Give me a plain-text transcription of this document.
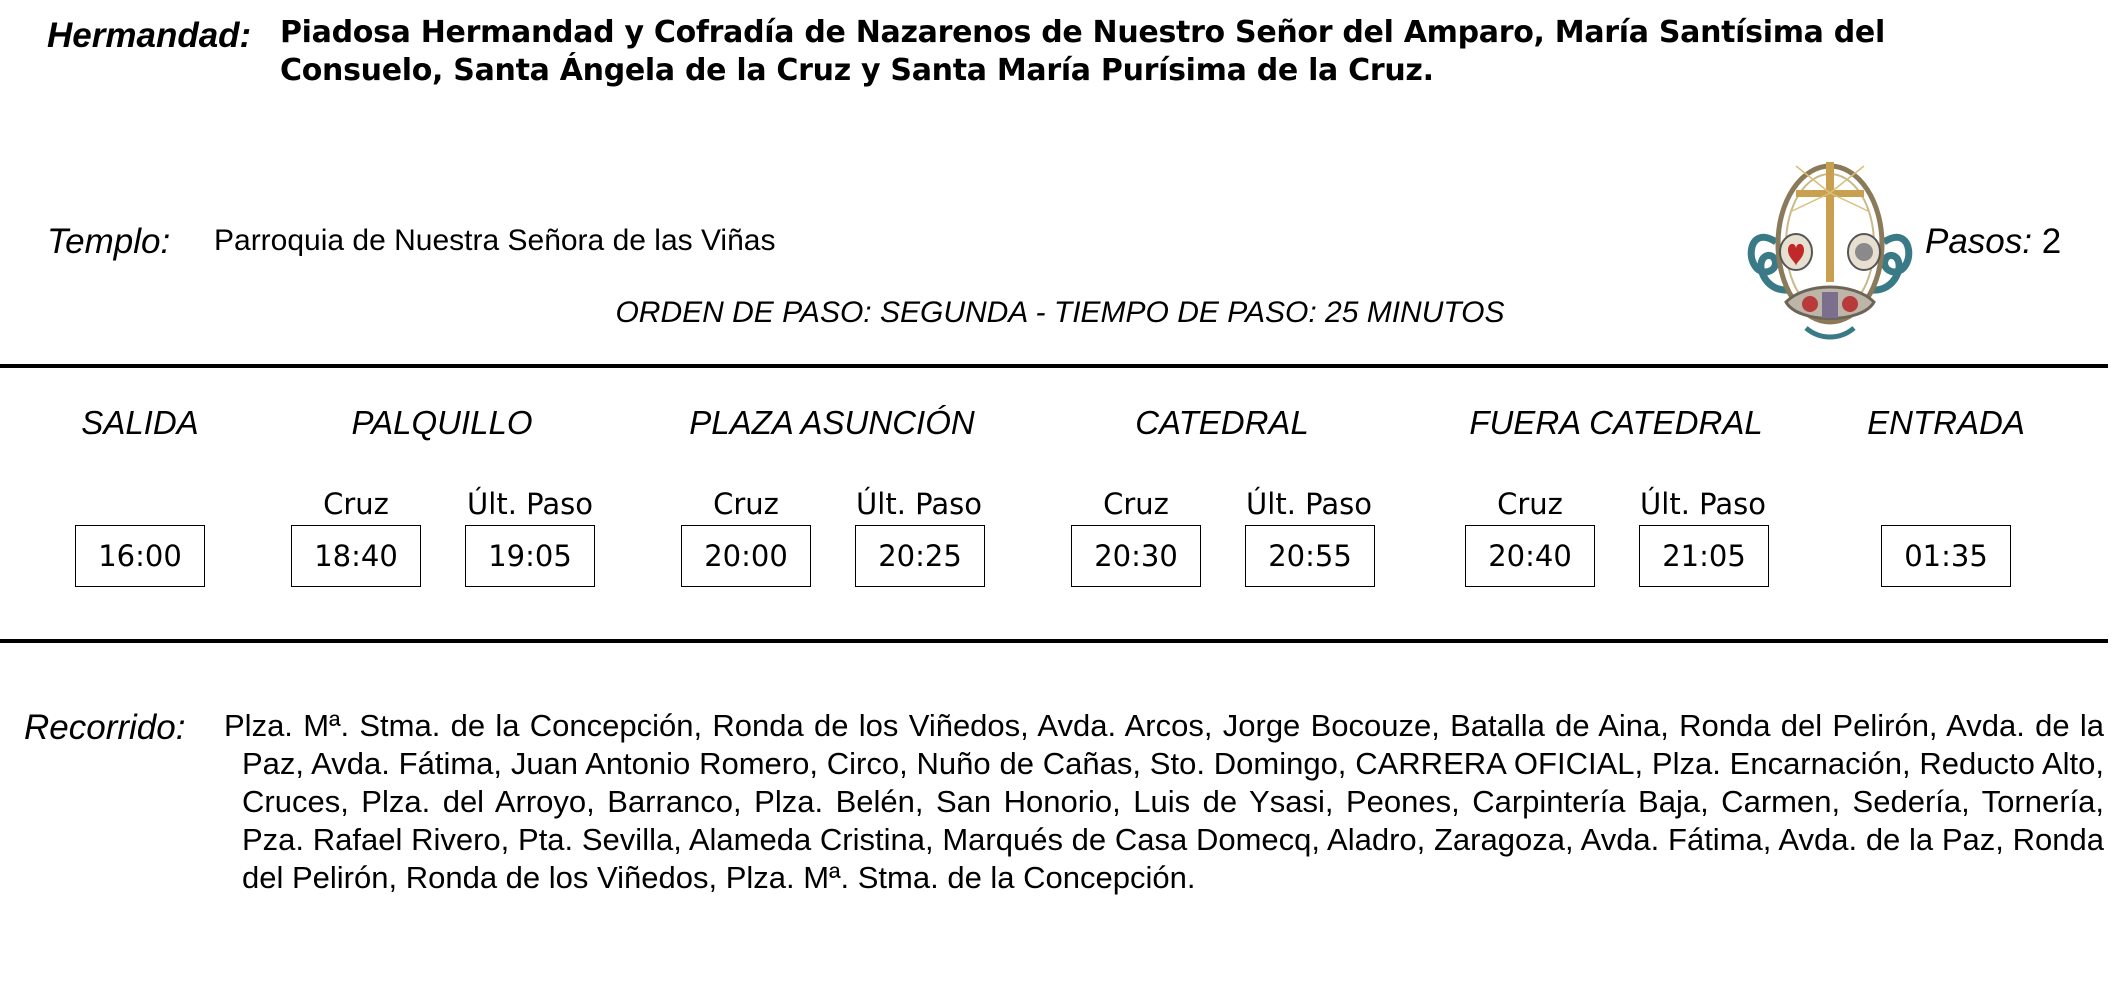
Hermandad: Piadosa Hermandad y Cofradía de Nazarenos de Nuestro Señor del Amparo, María Santísima del Consuelo, Santa Ángela de la Cruz y Santa María Purísima de la Cruz.
Templo: Parroquia de Nuestra Señora de las Viñas
ORDEN DE PASO: SEGUNDA - TIEMPO DE PASO: 25 MINUTOS
Pasos: 2
SALIDA
16:00
PALQUILLO
Cruz	Últ. Paso
18:40	19:05
PLAZA ASUNCIÓN
Cruz	Últ. Paso
20:00	20:25
CATEDRAL
Cruz	Últ. Paso
20:30	20:55
FUERA CATEDRAL
Cruz	Últ. Paso
20:40	21:05
ENTRADA
01:35
Recorrido: Plza. Mª. Stma. de la Concepción, Ronda de los Viñedos, Avda. Arcos, Jorge Bocouze, Batalla de Aina, Ronda del Pelirón, Avda. de la Paz, Avda. Fátima, Juan Antonio Romero, Circo, Nuño de Cañas, Sto. Domingo, CARRERA OFICIAL, Plza. Encarnación, Reducto Alto, Cruces, Plza. del Arroyo, Barranco, Plza. Belén, San Honorio, Luis de Ysasi, Peones, Carpintería Baja, Carmen, Sedería, Tornería, Pza. Rafael Rivero, Pta. Sevilla, Alameda Cristina, Marqués de Casa Domecq, Aladro, Zaragoza, Avda. Fátima, Avda. de la Paz, Ronda del Pelirón, Ronda de los Viñedos, Plza. Mª. Stma. de la Concepción.
